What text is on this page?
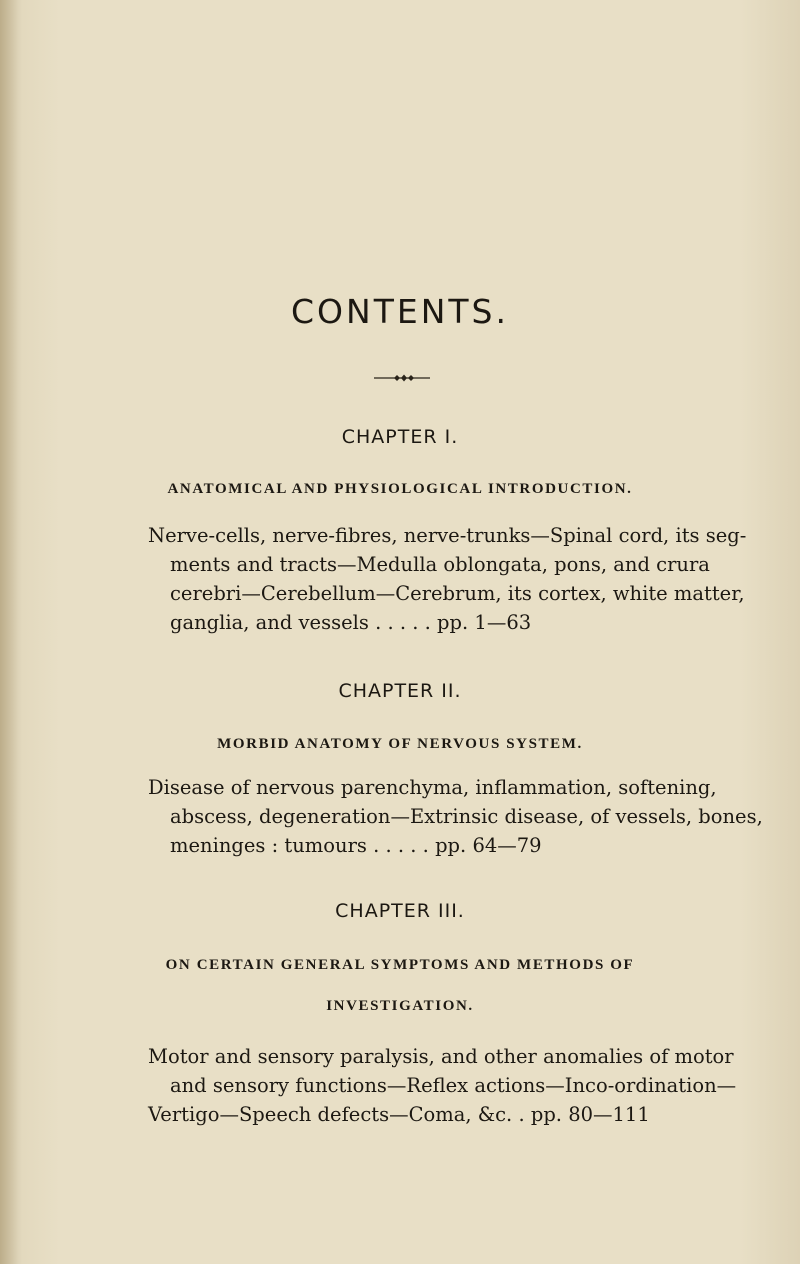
CONTENTS.
CHAPTER I.
ANATOMICAL AND PHYSIOLOGICAL INTRODUCTION.
Nerve-cells, nerve-fibres, nerve-trunks—Spinal cord, its seg-
ments and tracts—Medulla oblongata, pons, and crura
cerebri—Cerebellum—Cerebrum, its cortex, white matter,
ganglia, and vessels . . . . . pp. 1—63
CHAPTER II.
MORBID ANATOMY OF NERVOUS SYSTEM.
Disease of nervous parenchyma, inflammation, softening,
abscess, degeneration—Extrinsic disease, of vessels, bones,
meninges : tumours . . . . . pp. 64—79
CHAPTER III.
ON CERTAIN GENERAL SYMPTOMS AND METHODS OF
INVESTIGATION.
Motor and sensory paralysis, and other anomalies of motor
and sensory functions—Reflex actions—Inco-ordination—
Vertigo—Speech defects—Coma, &c. . pp. 80—111
